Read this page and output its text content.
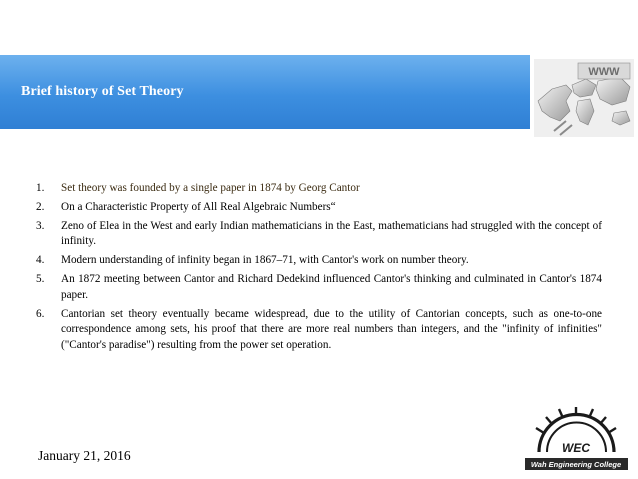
Brief history of Set Theory
WWW
1.	Set theory was founded by a single paper in 1874 by Georg Cantor
2.	On a Characteristic Property of All Real Algebraic Numbers“
3.	Zeno of Elea in the West and early Indian mathematicians in the East, mathematicians had struggled with the concept of infinity.
4.	Modern understanding of infinity began in 1867–71, with Cantor's work on number theory.
5.	An 1872 meeting between Cantor and Richard Dedekind influenced Cantor's thinking and culminated in Cantor's 1874 paper.
6.	Cantorian set theory eventually became widespread, due to the utility of Cantorian concepts, such as one-to-one correspondence among sets, his proof that there are more real numbers than integers, and the "infinity of infinities" ("Cantor's paradise") resulting from the power set operation.
January 21, 2016	WEC
Wah Engineering College
